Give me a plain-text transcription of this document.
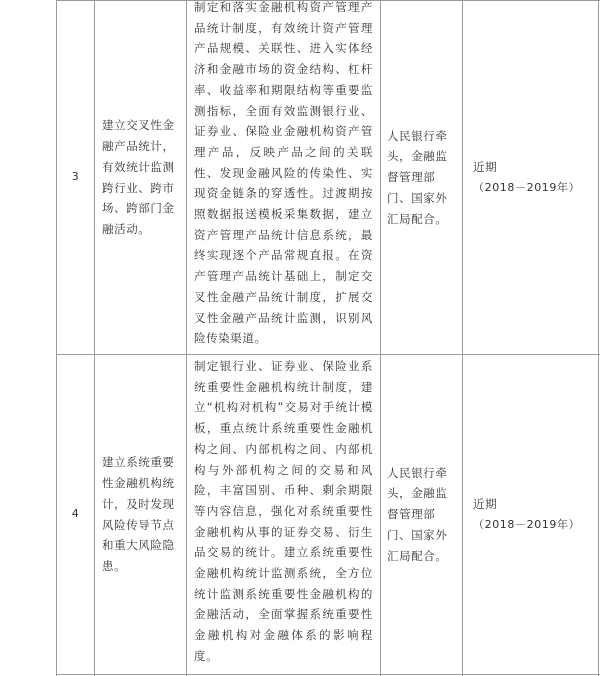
3
建立交叉性金融产品统计，有效统计监测跨行业、跨市场、跨部门金融活动。
制定和落实金融机构资产管理产品统计制度，有效统计资产管理产品规模、关联性、进入实体经济和金融市场的资金结构、杠杆率、收益率和期限结构等重要监测指标，全面有效监测银行业、证券业、保险业金融机构资产管理产品，反映产品之间的关联性、发现金融风险的传染性、实现资金链条的穿透性。过渡期按照数据报送模板采集数据，建立资产管理产品统计信息系统，最终实现逐个产品常规直报。在资产管理产品统计基础上，制定交叉性金融产品统计制度，扩展交叉性金融产品统计监测，识别风险传染渠道。
人民银行牵头，金融监督管理部门、国家外汇局配合。
近期
（2018－2019年）
4
建立系统重要性金融机构统计，及时发现风险传导节点和重大风险隐患。
制定银行业、证券业、保险业系统重要性金融机构统计制度，建立“机构对机构”交易对手统计模板，重点统计系统重要性金融机构之间、内部机构之间、内部机构与外部机构之间的交易和风险，丰富国别、币种、剩余期限等内容信息，强化对系统重要性金融机构从事的证券交易、衍生品交易的统计。建立系统重要性金融机构统计监测系统，全方位统计监测系统重要性金融机构的金融活动，全面掌握系统重要性金融机构对金融体系的影响程度。
人民银行牵头，金融监督管理部门、国家外汇局配合。
近期
（2018－2019年）
